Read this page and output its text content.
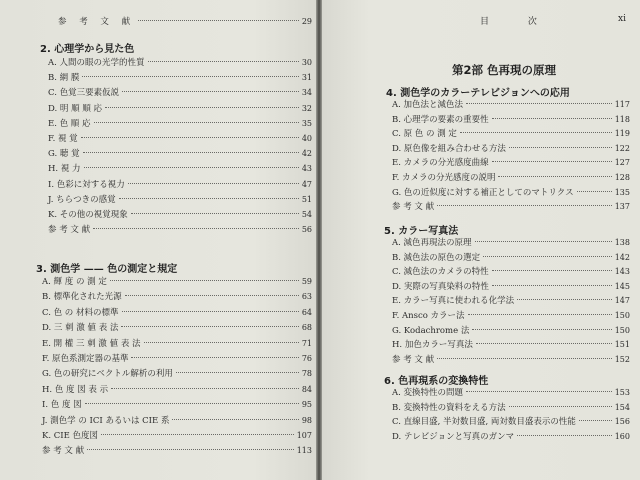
参 考 文 献	29
2. 心理学から見た色
A. 人間の眼の光学的性質	30
B. 網 膜	31
C. 色覚三要素仮説	34
D. 明 順 順 応	32
E. 色 順 応	35
F. 視 覚	40
G. 聴 覚	42
H. 視 力	43
I. 色彩に対する視力	47
J. ちらつきの感覚	51
K. その他の視覚現象	54
参 考 文 献	56
3. 測色学 —— 色の測定と規定
A. 輝 度 の 測 定	59
B. 標準化された光源	63
C. 色 の 材料の標準	64
D. 三 刺 激 値 表 法	68
E. 開 權 三 刺 激 値 表 法	71
F. 原色系測定器の基準	76
G. 色の研究にベクトル解析の利用	78
H. 色 度 図 表 示	84
I. 色 度 図	95
J. 測色学 の ICI あるいは CIE 系	98
K. CIE 色度図	107
参 考 文 献	113
目 次	xi
第2部 色再現の原理
4. 測色学のカラーテレビジョンへの応用
A. 加色法と減色法	117
B. 心理学の要素の重要性	118
C. 原 色 の 測 定	119
D. 原色像を組み合わせる方法	122
E. カメラの分光感度曲線	127
F. カメラの分光感度の説明	128
G. 色の近似度に対する補正としてのマトリクス	135
参 考 文 献	137
5. カラー写真法
A. 減色再現法の原理	138
B. 減色法の原色の選定	142
C. 減色法のカメラの特性	143
D. 実際の写真染料の特性	145
E. カラー写真に使われる化学法	147
F. Ansco カラー法	150
G. Kodachrome 法	150
H. 加色カラー写真法	151
参 考 文 献	152
6. 色再現系の変換特性
A. 変換特性の問題	153
B. 変換特性の資料をえる方法	154
C. 直線目盛, 半対数目盛, 両対数目盛表示の性能	156
D. テレビジョンと写真のガンマ	160
